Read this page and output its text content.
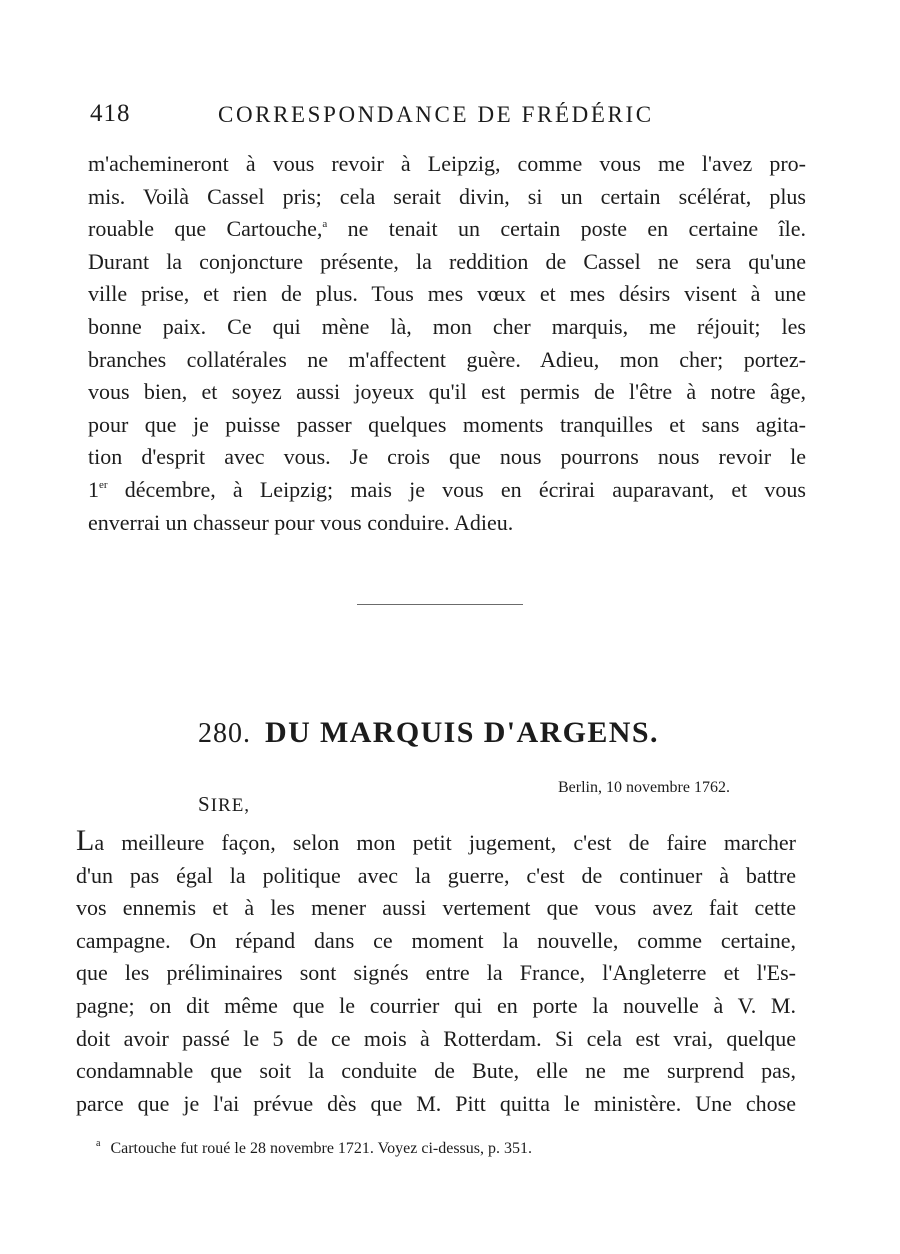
418	CORRESPONDANCE DE FRÉDÉRIC
m'achemineront à vous revoir à Leipzig, comme vous me l'avez pro-
mis. Voilà Cassel pris; cela serait divin, si un certain scélérat, plus
rouable que Cartouche,$^a$ ne tenait un certain poste en certaine île.
Durant la conjoncture présente, la reddition de Cassel ne sera qu'une
ville prise, et rien de plus. Tous mes vœux et mes désirs visent à une
bonne paix. Ce qui mène là, mon cher marquis, me réjouit; les
branches collatérales ne m'affectent guère. Adieu, mon cher; portez-
vous bien, et soyez aussi joyeux qu'il est permis de l'être à notre âge,
pour que je puisse passer quelques moments tranquilles et sans agita-
tion d'esprit avec vous. Je crois que nous pourrons nous revoir le
1er décembre, à Leipzig; mais je vous en écrirai auparavant, et vous
enverrai un chasseur pour vous conduire. Adieu.
280. DU MARQUIS D'ARGENS.
Berlin, 10 novembre 1762.
SIRE,
La meilleure façon, selon mon petit jugement, c'est de faire marcher
d'un pas égal la politique avec la guerre, c'est de continuer à battre
vos ennemis et à les mener aussi vertement que vous avez fait cette
campagne. On répand dans ce moment la nouvelle, comme certaine,
que les préliminaires sont signés entre la France, l'Angleterre et l'Es-
pagne; on dit même que le courrier qui en porte la nouvelle à V. M.
doit avoir passé le 5 de ce mois à Rotterdam. Si cela est vrai, quelque
condamnable que soit la conduite de Bute, elle ne me surprend pas,
parce que je l'ai prévue dès que M. Pitt quitta le ministère. Une chose
$^a$ Cartouche fut roué le 28 novembre 1721. Voyez ci-dessus, p. 351.
